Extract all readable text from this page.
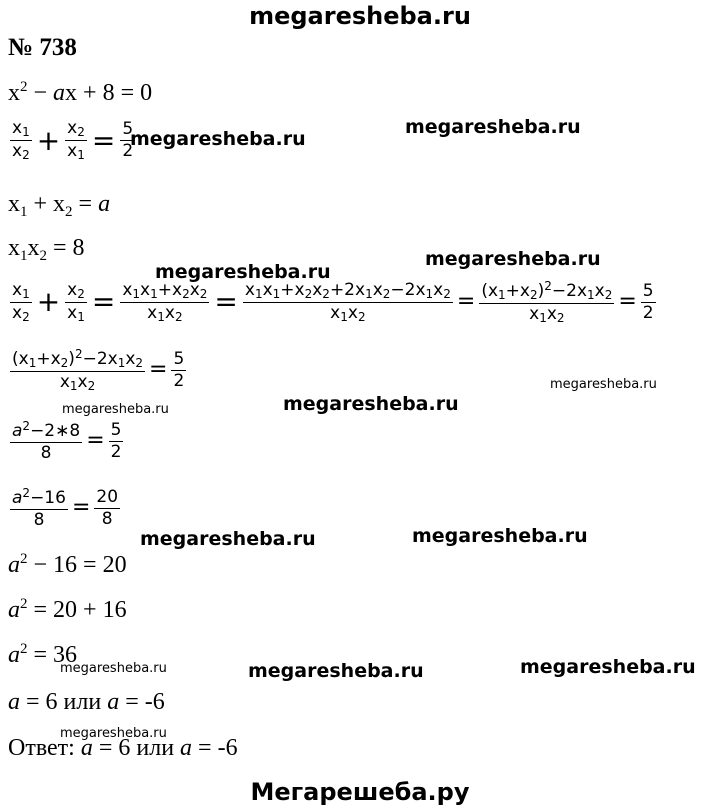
megaresheba.ru
megaresheba.ru
megaresheba.ru
megaresheba.ru
megaresheba.ru
megaresheba.ru
megaresheba.ru
megaresheba.ru
megaresheba.ru	megaresheba.ru
megaresheba.ru	megaresheba.ru	megaresheba.ru
megaresheba.ru
№ 738
$x^2$ − ax + 8 = 0
$\frac{x_1}{x_2} + \frac{x_2}{x_1} = \frac{5}{2}$
$x_1 + x_2 = a$
$x_1x_2 = 8$
$\frac{x_1}{x_2} + \frac{x_2}{x_1} = \frac{x_1x_1+x_2x_2}{x_1x_2} = \frac{x_1x_1+x_2x_2+2x_1x_2-2x_1x_2}{x_1x_2} = \frac{(x_1+x_2)^2-2x_1x_2}{x_1x_2} = \frac{5}{2}$
$\frac{(x_1+x_2)^2-2x_1x_2}{x_1x_2} = \frac{5}{2}$
$\frac{a^2-2∗8}{8} = \frac{5}{2}$
$\frac{a^2-16}{8} = \frac{20}{8}$
$a^2 - 16 = 20$
$a^2 = 20 + 16$
$a^2 = 36$
a = 6 или a = -6
Ответ: a = 6 или a = -6
Мегарешеба.ру
